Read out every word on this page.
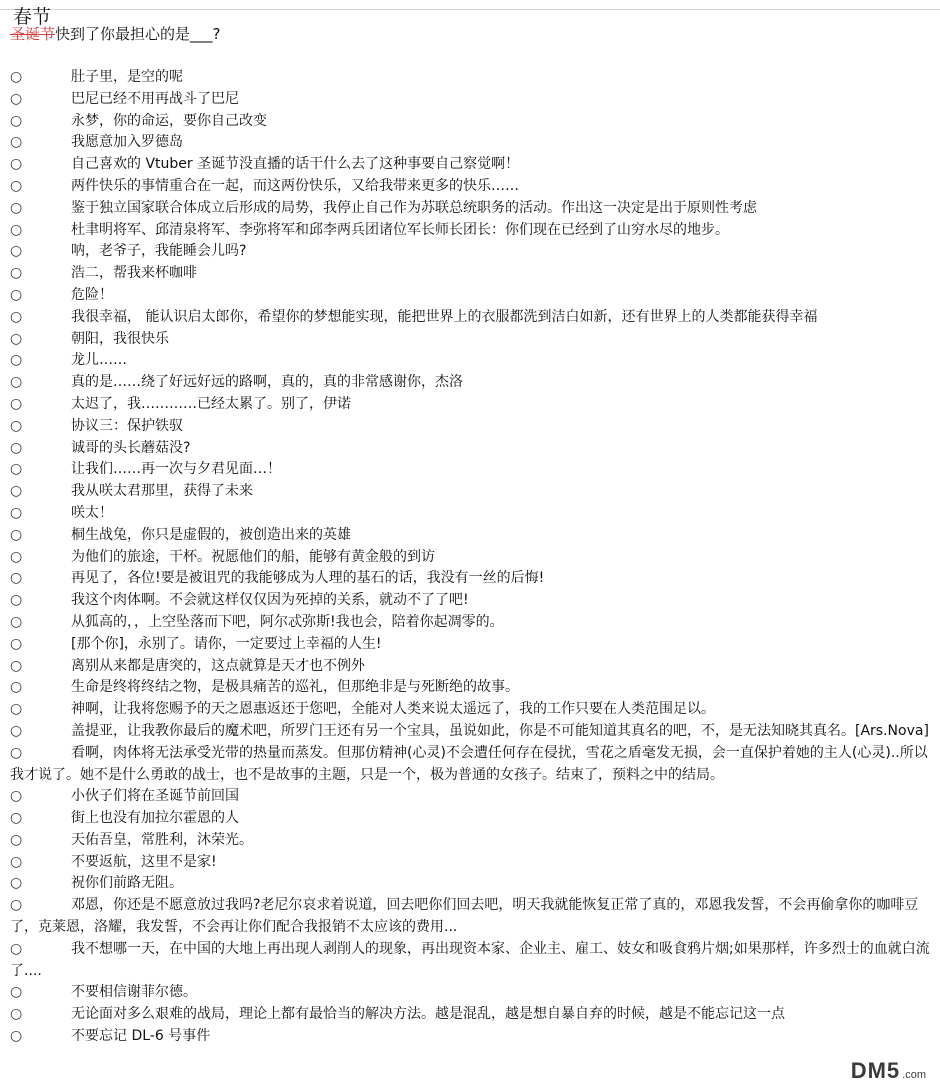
春节
圣诞节快到了你最担心的是___?
○	肚子里，是空的呢
○	巴尼已经不用再战斗了巴尼
○	永梦，你的命运，要你自己改变
○	我愿意加入罗德岛
○	自己喜欢的 Vtuber 圣诞节没直播的话干什么去了这种事要自己察觉啊！
○	两件快乐的事情重合在一起，而这两份快乐，又给我带来更多的快乐……
○	鉴于独立国家联合体成立后形成的局势，我停止自己作为苏联总统职务的活动。作出这一决定是出于原则性考虑
○	杜聿明将军、邱清泉将军、李弥将军和邱李两兵团诸位军长师长团长：你们现在已经到了山穷水尽的地步。
○	呐，老爷子，我能睡会儿吗?
○	浩二，帮我来杯咖啡
○	危险！
○	我很幸福， 能认识启太郎你，希望你的梦想能实现，能把世界上的衣服都洗到洁白如新，还有世界上的人类都能获得幸福
○	朝阳，我很快乐
○	龙儿……
○	真的是……绕了好远好远的路啊，真的，真的非常感谢你，杰洛
○	太迟了，我…………已经太累了。别了，伊诺
○	协议三：保护铁驭
○	诚哥的头长蘑菇没?
○	让我们……再一次与夕君见面…！
○	我从咲太君那里，获得了未来
○	咲太！
○	桐生战兔，你只是虚假的，被创造出来的英雄
○	为他们的旅途，干杯。祝愿他们的船，能够有黄金般的到访
○	再见了，各位!要是被诅咒的我能够成为人理的基石的话，我没有一丝的后悔!
○	我这个肉体啊。不会就这样仅仅因为死掉的关系，就动不了了吧!
○	从狐高的，，上空坠落而下吧，阿尔忒弥斯!我也会，陪着你起凋零的。
○	[那个你]，永别了。请你，一定要过上幸福的人生!
○	离别从来都是唐突的，这点就算是天才也不例外
○	生命是终将终结之物，是极具痛苦的巡礼，但那绝非是与死断绝的故事。
○	神啊，让我将您赐予的天之恩惠返还于您吧，全能对人类来说太遥远了，我的工作只要在人类范围足以。
○	盖提亚，让我教你最后的魔术吧，所罗门王还有另一个宝具，虽说如此，你是不可能知道其真名的吧，不，是无法知晓其真名。[Ars.Nova]
○	看啊，肉体将无法承受光带的热量而蒸发。但那仿精神(心灵)不会遭任何存在侵扰，雪花之盾毫发无损，会一直保护着她的主人(心灵)..所以我才说了。她不是什么勇敢的战士，也不是故事的主题，只是一个，极为普通的女孩子。结束了，预料之中的结局。
○	小伙子们将在圣诞节前回国
○	街上也没有加拉尔霍恩的人
○	天佑吾皇，常胜利，沐荣光。
○	不要返航，这里不是家!
○	祝你们前路无阻。
○	邓恩，你还是不愿意放过我吗?老尼尔哀求着说道，回去吧你们回去吧，明天我就能恢复正常了真的，邓恩我发誓，不会再偷拿你的咖啡豆了，克莱恩，洛耀，我发誓，不会再让你们配合我报销不太应该的费用...
○	我不想哪一天，在中国的大地上再出现人剥削人的现象，再出现资本家、企业主、雇工、妓女和吸食鸦片烟;如果那样，许多烈士的血就白流了....
○	不要相信谢菲尔德。
○	无论面对多么艰难的战局，理论上都有最恰当的解决方法。越是混乱，越是想自暴自弃的时候，越是不能忘记这一点
○	不要忘记 DL-6 号事件
DM5 .com
